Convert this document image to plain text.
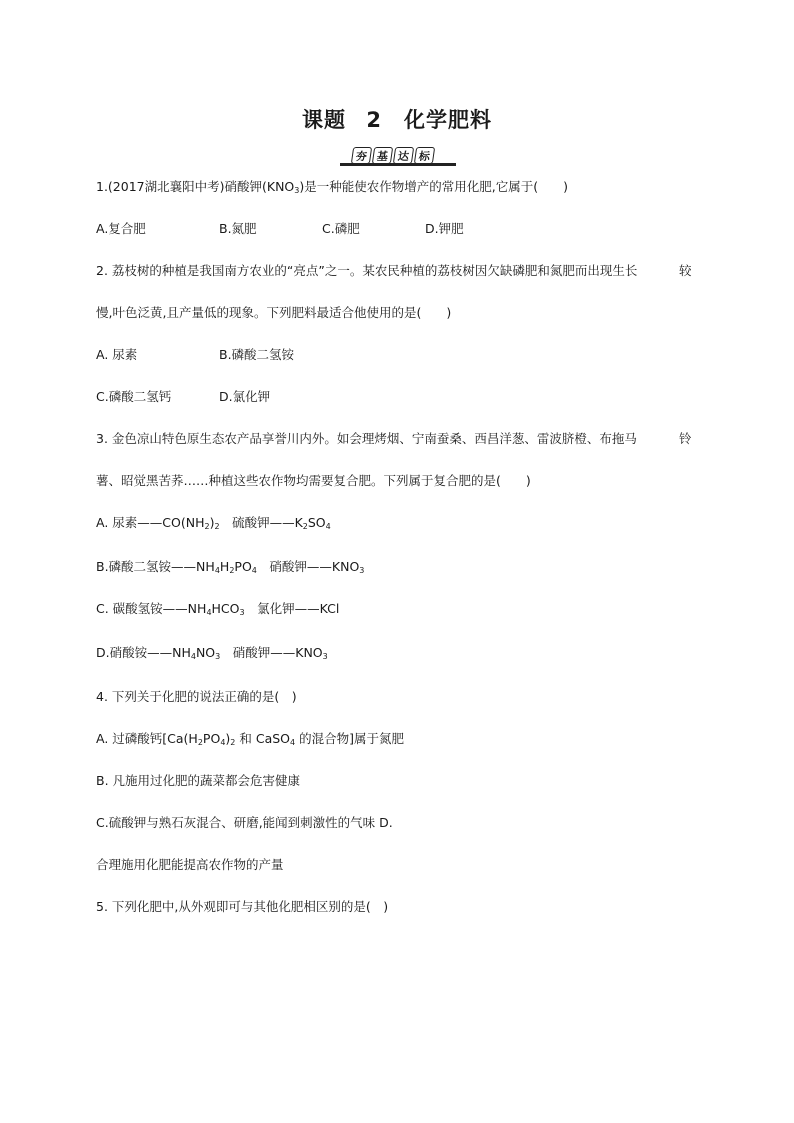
课题 2　化学肥料
夯 基 达 标
1.(2017湖北襄阳中考)硝酸钾$(KNO_3)$是一种能使农作物增产的常用化肥,它属于(　　)
A.复合肥	B.氮肥	C.磷肥	D.钾肥
2. 荔枝树的种植是我国南方农业的“亮点”之一。某农民种植的荔枝树因欠缺磷肥和氮肥而出现生长	较
慢,叶色泛黄,且产量低的现象。下列肥料最适合他使用的是(　　)
A. 尿素	B.磷酸二氢铵
C.磷酸二氢钙	D.氯化钾
3. 金色凉山特色原生态农产品享誉川内外。如会理烤烟、宁南蚕桑、西昌洋葱、雷波脐橙、布拖马	铃
薯、昭觉黑苦荞……种植这些农作物均需要复合肥。下列属于复合肥的是(　　)
A. 尿素$——CO(NH_2)_2$　硫酸钾$——K_2SO_4$
B.磷酸二氢铵$——NH_4H_2PO_4$　硝酸钾$——KNO_3$
C. 碳酸氢铵$——NH_4HCO_3$　氯化钾——KCl
D.硝酸铵$——NH_4NO_3$　硝酸钾$——KNO_3$
4. 下列关于化肥的说法正确的是(　)
A. 过磷酸钙[$Ca(H_2PO_4)_2$ 和 CaSO$_4$ 的混合物]属于氮肥
B. 凡施用过化肥的蔬菜都会危害健康
C.硫酸钾与熟石灰混合、研磨,能闻到刺激性的气味 D.
合理施用化肥能提高农作物的产量
5. 下列化肥中,从外观即可与其他化肥相区别的是(　)
